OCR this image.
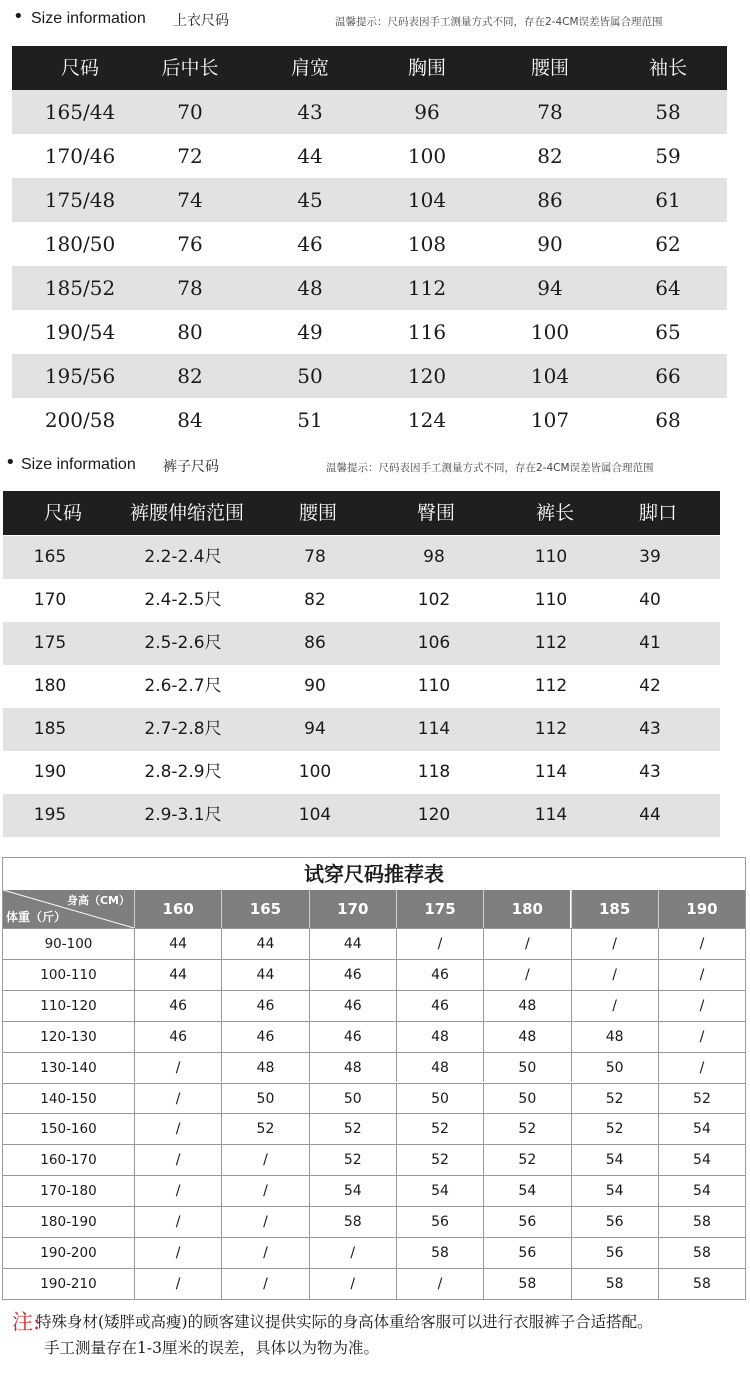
• Size information 上衣尺码	温馨提示：尺码表因手工测量方式不同，存在2-4CM误差皆属合理范围
尺码	后中长	肩宽	胸围	腰围	袖长
165/44	70	43	96	78	58
170/46	72	44	100	82	59
175/48	74	45	104	86	61
180/50	76	46	108	90	62
185/52	78	48	112	94	64
190/54	80	49	116	100	65
195/56	82	50	120	104	66
200/58	84	51	124	107	68
• Size information 裤子尺码	温馨提示：尺码表因手工测量方式不同，存在2-4CM误差皆属合理范围
尺码	裤腰伸缩范围	腰围	臀围	裤长	脚口
165	2.2-2.4尺	78	98	110	39
170	2.4-2.5尺	82	102	110	40
175	2.5-2.6尺	86	106	112	41
180	2.6-2.7尺	90	110	112	42
185	2.7-2.8尺	94	114	112	43
190	2.8-2.9尺	100	118	114	43
195	2.9-3.1尺	104	120	114	44
试穿尺码推荐表
身高（CM）
体重（斤）	160	165	170	175	180	185	190
90-100	44	44	44	/	/	/	/
100-110	44	44	46	46	/	/	/
110-120	46	46	46	46	48	/	/
120-130	46	46	46	48	48	48	/
130-140	/	48	48	48	50	50	/
140-150	/	50	50	50	50	52	52
150-160	/	52	52	52	52	52	54
160-170	/	/	52	52	52	54	54
170-180	/	/	54	54	54	54	54
180-190	/	/	58	56	56	56	58
190-200	/	/	/	58	56	56	58
190-210	/	/	/	/	58	58	58
注:
特殊身材(矮胖或高瘦)的顾客建议提供实际的身高体重给客服可以进行衣服裤子合适搭配。
手工测量存在1-3厘米的误差，具体以为物为准。
